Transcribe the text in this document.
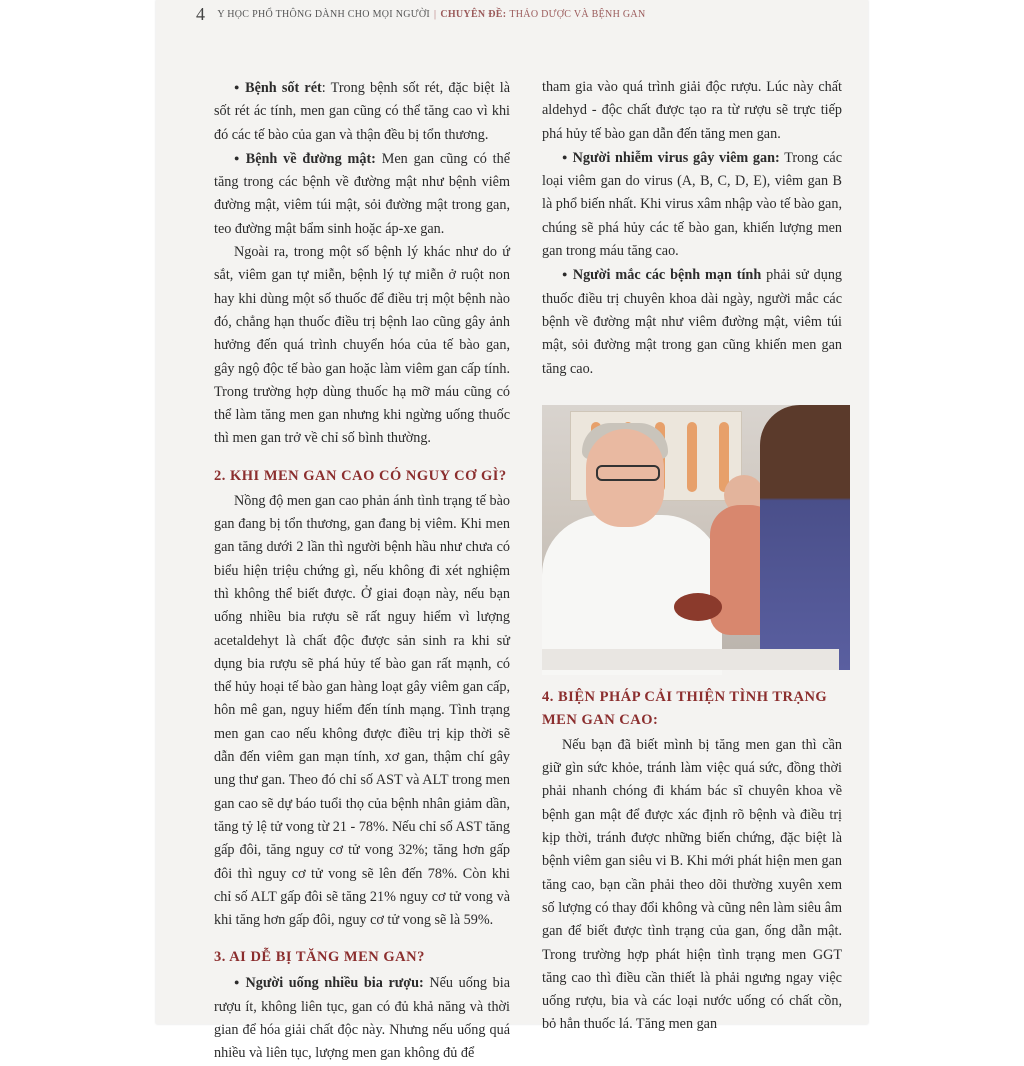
4 Y HỌC PHỔ THÔNG DÀNH CHO MỌI NGƯỜI | CHUYÊN ĐỀ: THẢO DƯỢC VÀ BỆNH GAN

● Bệnh sốt rét: Trong bệnh sốt rét, đặc biệt là sốt rét ác tính, men gan cũng có thể tăng cao vì khi đó các tế bào của gan và thận đều bị tổn thương.

● Bệnh về đường mật: Men gan cũng có thể tăng trong các bệnh về đường mật như bệnh viêm đường mật, viêm túi mật, sỏi đường mật trong gan, teo đường mật bẩm sinh hoặc áp-xe gan.

Ngoài ra, trong một số bệnh lý khác như do ứ sắt, viêm gan tự miễn, bệnh lý tự miễn ở ruột non hay khi dùng một số thuốc để điều trị một bệnh nào đó, chẳng hạn thuốc điều trị bệnh lao cũng gây ảnh hưởng đến quá trình chuyển hóa của tế bào gan, gây ngộ độc tế bào gan hoặc làm viêm gan cấp tính. Trong trường hợp dùng thuốc hạ mỡ máu cũng có thể làm tăng men gan nhưng khi ngừng uống thuốc thì men gan trở về chỉ số bình thường.

2. KHI MEN GAN CAO CÓ NGUY CƠ GÌ?

Nồng độ men gan cao phản ánh tình trạng tế bào gan đang bị tổn thương, gan đang bị viêm. Khi men gan tăng dưới 2 lần thì người bệnh hầu như chưa có biểu hiện triệu chứng gì, nếu không đi xét nghiệm thì không thể biết được. Ở giai đoạn này, nếu bạn uống nhiều bia rượu sẽ rất nguy hiểm vì lượng acetaldehyt là chất độc được sản sinh ra khi sử dụng bia rượu sẽ phá hủy tế bào gan rất mạnh, có thể hủy hoại tế bào gan hàng loạt gây viêm gan cấp, hôn mê gan, nguy hiểm đến tính mạng. Tình trạng men gan cao nếu không được điều trị kịp thời sẽ dẫn đến viêm gan mạn tính, xơ gan, thậm chí gây ung thư gan. Theo đó chỉ số AST và ALT trong men gan cao sẽ dự báo tuổi thọ của bệnh nhân giảm dần, tăng tỷ lệ tử vong từ 21 - 78%. Nếu chỉ số AST tăng gấp đôi, tăng nguy cơ tử vong 32%; tăng hơn gấp đôi thì nguy cơ tử vong sẽ lên đến 78%. Còn khi chỉ số ALT gấp đôi sẽ tăng 21% nguy cơ tử vong và khi tăng hơn gấp đôi, nguy cơ tử vong sẽ là 59%.

3. AI DỄ BỊ TĂNG MEN GAN?

● Người uống nhiều bia rượu: Nếu uống bia rượu ít, không liên tục, gan có đủ khả năng và thời gian để hóa giải chất độc này. Nhưng nếu uống quá nhiều và liên tục, lượng men gan không đủ để

tham gia vào quá trình giải độc rượu. Lúc này chất aldehyd - độc chất được tạo ra từ rượu sẽ trực tiếp phá hủy tế bào gan dẫn đến tăng men gan.

● Người nhiễm virus gây viêm gan: Trong các loại viêm gan do virus (A, B, C, D, E), viêm gan B là phổ biến nhất. Khi virus xâm nhập vào tế bào gan, chúng sẽ phá hủy các tế bào gan, khiến lượng men gan trong máu tăng cao.

● Người mắc các bệnh mạn tính phải sử dụng thuốc điều trị chuyên khoa dài ngày, người mắc các bệnh về đường mật như viêm đường mật, viêm túi mật, sỏi đường mật trong gan cũng khiến men gan tăng cao.

4. BIỆN PHÁP CẢI THIỆN TÌNH TRẠNG MEN GAN CAO:

Nếu bạn đã biết mình bị tăng men gan thì cần giữ gìn sức khỏe, tránh làm việc quá sức, đồng thời phải nhanh chóng đi khám bác sĩ chuyên khoa về bệnh gan mật để được xác định rõ bệnh và điều trị kịp thời, tránh được những biến chứng, đặc biệt là bệnh viêm gan siêu vi B. Khi mới phát hiện men gan tăng cao, bạn cần phải theo dõi thường xuyên xem số lượng có thay đổi không và cũng nên làm siêu âm gan để biết được tình trạng của gan, ống dẫn mật. Trong trường hợp phát hiện tình trạng men GGT tăng cao thì điều cần thiết là phải ngưng ngay việc uống rượu, bia và các loại nước uống có chất cồn, bỏ hẳn thuốc lá. Tăng men gan
